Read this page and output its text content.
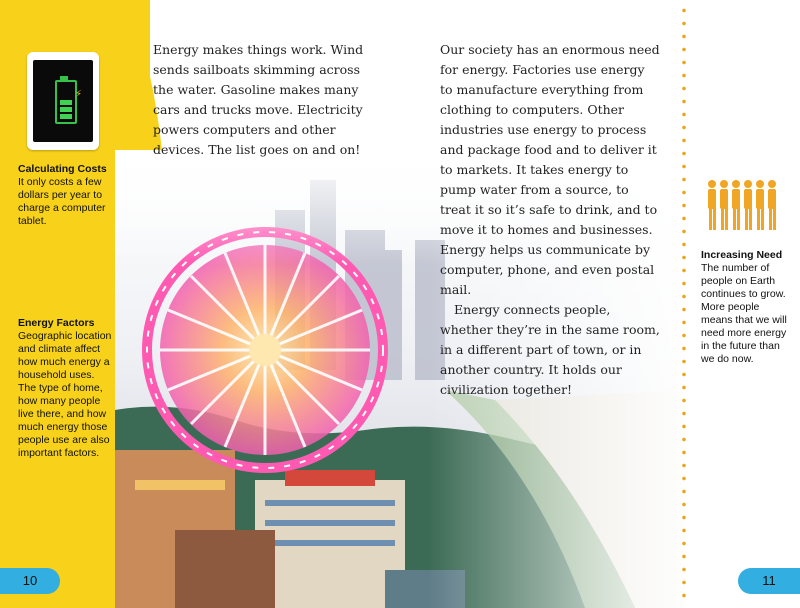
⚡
Calculating Costs
It only costs a few dollars per year to charge a computer tablet.
Energy Factors
Geographic location and climate affect how much energy a household uses. The type of home, how many people live there, and how much energy those people use are also important factors.

Energy makes things work. Wind sends sailboats skimming across the water. Gasoline makes many cars and trucks move. Electricity powers computers and other devices. The list goes on and on!

Our society has an enormous need for energy. Factories use energy to manufacture everything from clothing to computers. Other industries use energy to process and package food and to deliver it to markets. It takes energy to pump water from a source, to treat it so it’s safe to drink, and to move it to homes and businesses. Energy helps us communicate by computer, phone, and even postal mail.

Energy connects people, whether they’re in the same room, in a different part of town, or in another country. It holds our civilization together!

Increasing Need
The number of people on Earth continues to grow. More people means that we will need more energy in the future than we do now.
10	11
